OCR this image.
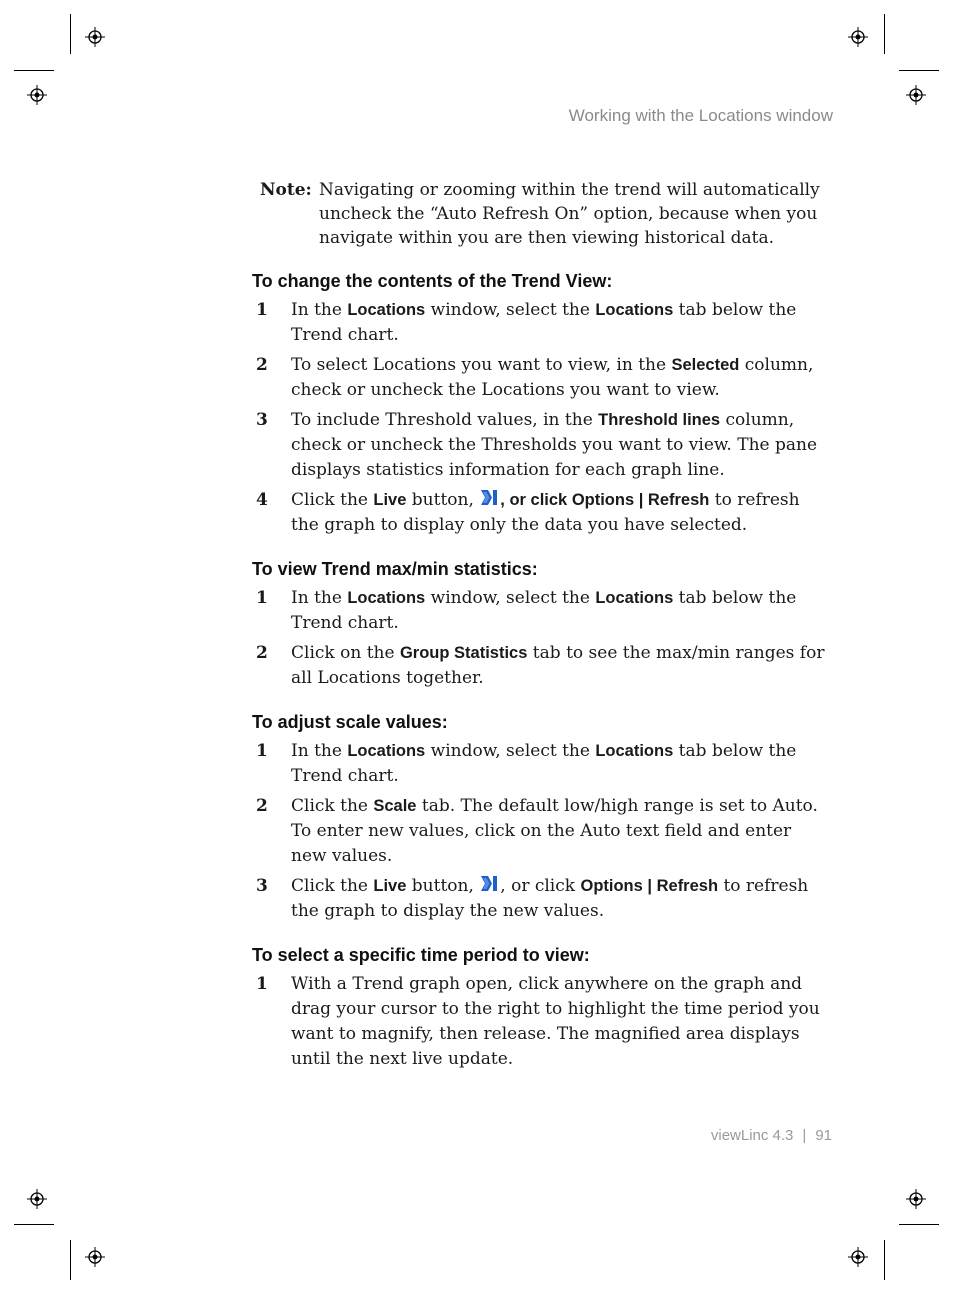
Working with the Locations window
Note: Navigating or zooming within the trend will automatically uncheck the “Auto Refresh On” option, because when you navigate within you are then viewing historical data.
To change the contents of the Trend View:
1	In the Locations window, select the Locations tab below the Trend chart.
2	To select Locations you want to view, in the Selected column, check or uncheck the Locations you want to view.
3	To include Threshold values, in the Threshold lines column, check or uncheck the Thresholds you want to view. The pane displays statistics information for each graph line.
4	Click the Live button, , or click Options | Refresh to refresh the graph to display only the data you have selected.
To view Trend max/min statistics:
1	In the Locations window, select the Locations tab below the Trend chart.
2	Click on the Group Statistics tab to see the max/min ranges for all Locations together.
To adjust scale values:
1	In the Locations window, select the Locations tab below the Trend chart.
2	Click the Scale tab. The default low/high range is set to Auto. To enter new values, click on the Auto text field and enter new values.
3	Click the Live button, , or click Options | Refresh to refresh the graph to display the new values.
To select a specific time period to view:
1	With a Trend graph open, click anywhere on the graph and drag your cursor to the right to highlight the time period you want to magnify, then release. The magnified area displays until the next live update.
viewLinc 4.3 | 91
